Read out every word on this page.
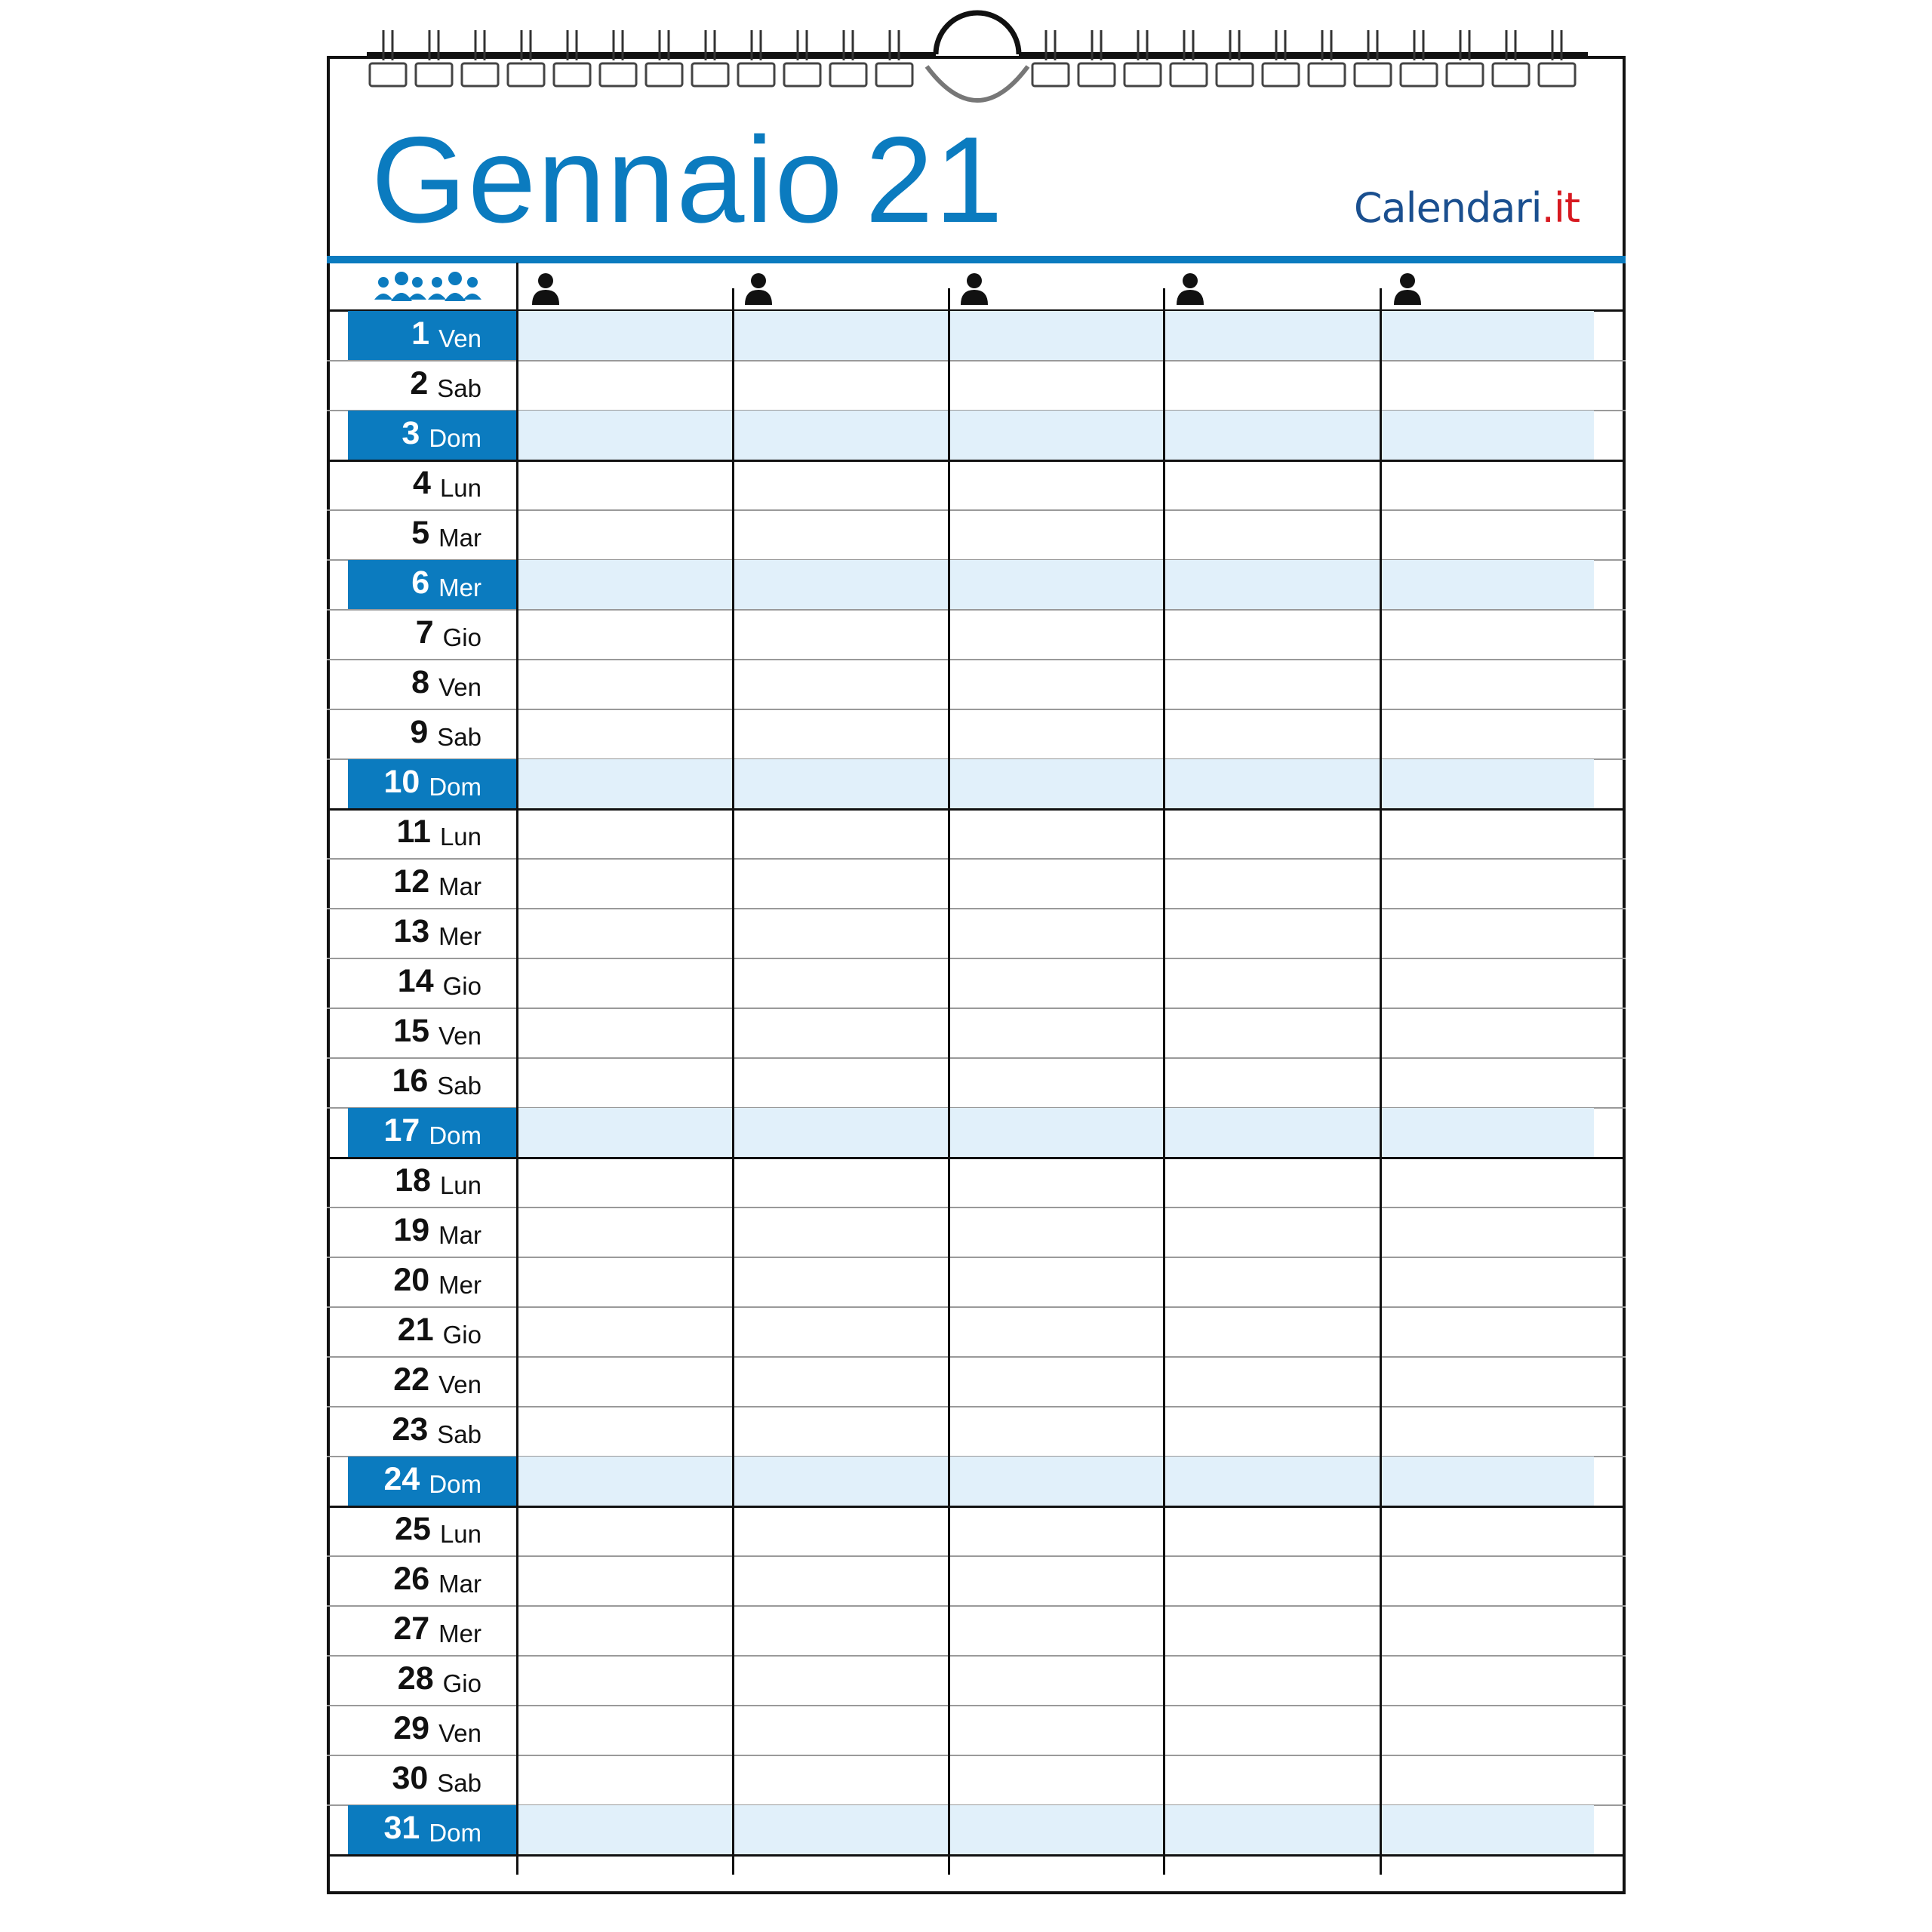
Gennaio 21	Calendari.it
1 Ven
2 Sab
3 Dom
4 Lun
5 Mar
6 Mer
7 Gio
8 Ven
9 Sab
10 Dom
11 Lun
12 Mar
13 Mer
14 Gio
15 Ven
16 Sab
17 Dom
18 Lun
19 Mar
20 Mer
21 Gio
22 Ven
23 Sab
24 Dom
25 Lun
26 Mar
27 Mer
28 Gio
29 Ven
30 Sab
31 Dom
